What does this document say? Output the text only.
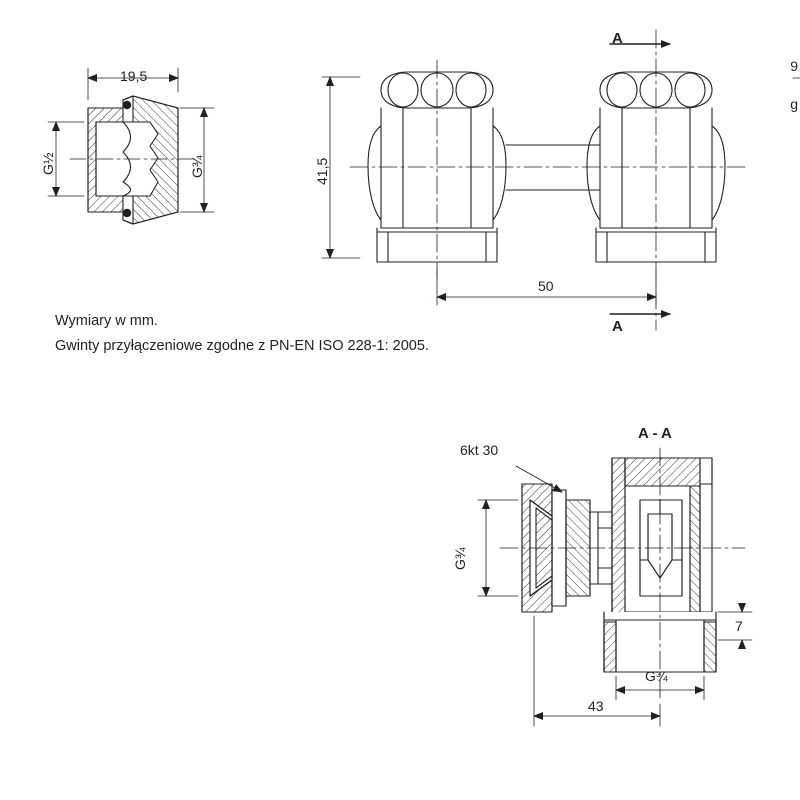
19,5
G½	G¾	41,5
50
A
A
Wymiary w mm.
Gwinty przyłączeniowe zgodne z PN-EN ISO 228-1: 2005.
A - A
6kt 30
G¾
G¾
7
43
9
g
